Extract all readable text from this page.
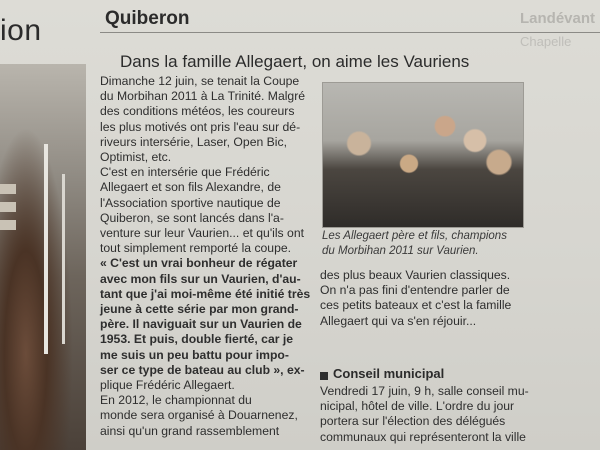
ion	Quiberon	Landévant
Chapelle
Dans la famille Allegaert, on aime les Vauriens
Dimanche 12 juin, se tenait la Coupe
du Morbihan 2011 à La Trinité. Malgré
des conditions météos, les coureurs
les plus motivés ont pris l'eau sur dé-
riveurs intersérie, Laser, Open Bic,
Optimist, etc.
C'est en intersérie que Frédéric
Allegaert et son fils Alexandre, de
l'Association sportive nautique de
Quiberon, se sont lancés dans l'a-
venture sur leur Vaurien... et qu'ils ont
tout simplement remporté la coupe.
« C'est un vrai bonheur de régater
avec mon fils sur un Vaurien, d'au-
tant que j'ai moi-même été initié très
jeune à cette série par mon grand-
père. Il naviguait sur un Vaurien de
1953. Et puis, double fierté, car je
me suis un peu battu pour impo-
ser ce type de bateau au club », ex-
plique Frédéric Allegaert.
En 2012, le championnat du
monde sera organisé à Douarnenez,
ainsi qu'un grand rassemblement
Les Allegaert père et fils, champions
du Morbihan 2011 sur Vaurien.
des plus beaux Vaurien classiques.
On n'a pas fini d'entendre parler de
ces petits bateaux et c'est la famille
Allegaert qui va s'en réjouir...
Conseil municipal
Vendredi 17 juin, 9 h, salle conseil mu-
nicipal, hôtel de ville. L'ordre du jour
portera sur l'élection des délégués
communaux qui représenteront la ville
